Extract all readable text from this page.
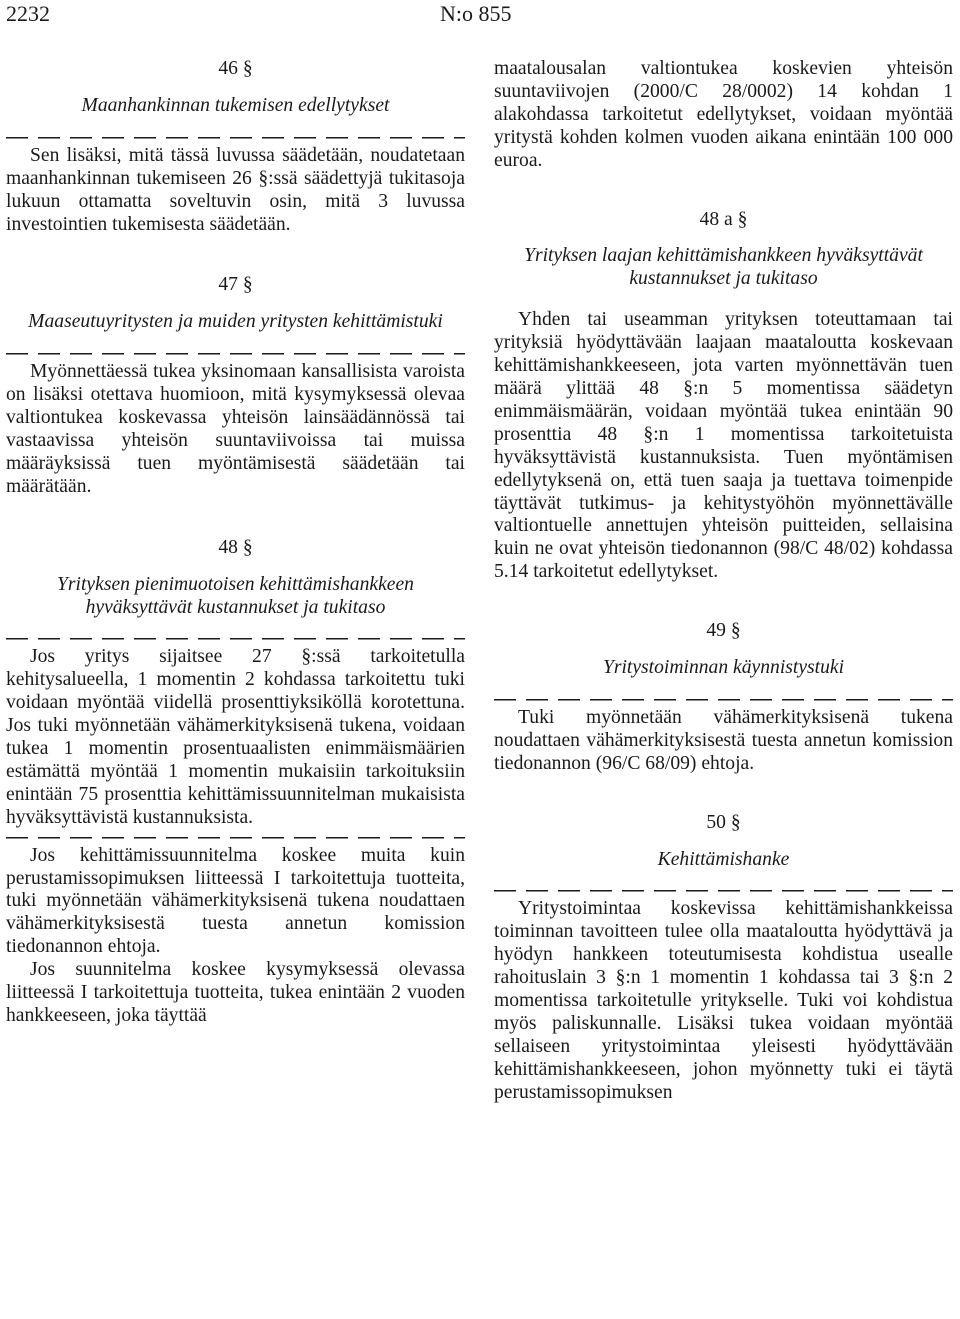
2232	N:o 855
46 §
Maanhankinnan tukemisen edellytykset

Sen lisäksi, mitä tässä luvussa säädetään, noudatetaan maanhankinnan tukemiseen 26 §:ssä säädettyjä tukitasoja lukuun ottamatta soveltuvin osin, mitä 3 luvussa investointien tukemisesta säädetään.

47 §
Maaseutuyritysten ja muiden yritysten kehittämistuki

Myönnettäessä tukea yksinomaan kansallisista varoista on lisäksi otettava huomioon, mitä kysymyksessä olevaa valtiontukea koskevassa yhteisön lainsäädännössä tai vastaavissa yhteisön suuntaviivoissa tai muissa määräyksissä tuen myöntämisestä säädetään tai määrätään.

48 §
Yrityksen pienimuotoisen kehittämishankkeen hyväksyttävät kustannukset ja tukitaso

Jos yritys sijaitsee 27 §:ssä tarkoitetulla kehitysalueella, 1 momentin 2 kohdassa tarkoitettu tuki voidaan myöntää viidellä prosenttiyksiköllä korotettuna. Jos tuki myönnetään vähämerkityksisenä tukena, voidaan tukea 1 momentin prosentuaalisten enimmäismäärien estämättä myöntää 1 momentin mukaisiin tarkoituksiin enintään 75 prosenttia kehittämissuunnitelman mukaisista hyväksyttävistä kustannuksista.

Jos kehittämissuunnitelma koskee muita kuin perustamissopimuksen liitteessä I tarkoitettuja tuotteita, tuki myönnetään vähämerkityksisenä tukena noudattaen vähämerkityksisestä tuesta annetun komission tiedonannon ehtoja.

Jos suunnitelma koskee kysymyksessä olevassa liitteessä I tarkoitettuja tuotteita, tukea enintään 2 vuoden hankkeeseen, joka täyttää

maatalousalan valtiontukea koskevien yhteisön suuntaviivojen (2000/C 28/0002) 14 kohdan 1 alakohdassa tarkoitetut edellytykset, voidaan myöntää yritystä kohden kolmen vuoden aikana enintään 100 000 euroa.

48 a §
Yrityksen laajan kehittämishankkeen hyväksyttävät kustannukset ja tukitaso

Yhden tai useamman yrityksen toteuttamaan tai yrityksiä hyödyttävään laajaan maataloutta koskevaan kehittämishankkeeseen, jota varten myönnettävän tuen määrä ylittää 48 §:n 5 momentissa säädetyn enimmäismäärän, voidaan myöntää tukea enintään 90 prosenttia 48 §:n 1 momentissa tarkoitetuista hyväksyttävistä kustannuksista. Tuen myöntämisen edellytyksenä on, että tuen saaja ja tuettava toimenpide täyttävät tutkimus- ja kehitystyöhön myönnettävälle valtiontuelle annettujen yhteisön puitteiden, sellaisina kuin ne ovat yhteisön tiedonannon (98/C 48/02) kohdassa 5.14 tarkoitetut edellytykset.

49 §
Yritystoiminnan käynnistystuki

Tuki myönnetään vähämerkityksisenä tukena noudattaen vähämerkityksisestä tuesta annetun komission tiedonannon (96/C 68/09) ehtoja.

50 §
Kehittämishanke

Yritystoimintaa koskevissa kehittämishankkeissa toiminnan tavoitteen tulee olla maataloutta hyödyttävä ja hyödyn hankkeen toteutumisesta kohdistua usealle rahoituslain 3 §:n 1 momentin 1 kohdassa tai 3 §:n 2 momentissa tarkoitetulle yritykselle. Tuki voi kohdistua myös paliskunnalle. Lisäksi tukea voidaan myöntää sellaiseen yritystoimintaa yleisesti hyödyttävään kehittämishankkeeseen, johon myönnetty tuki ei täytä perustamissopimuksen
